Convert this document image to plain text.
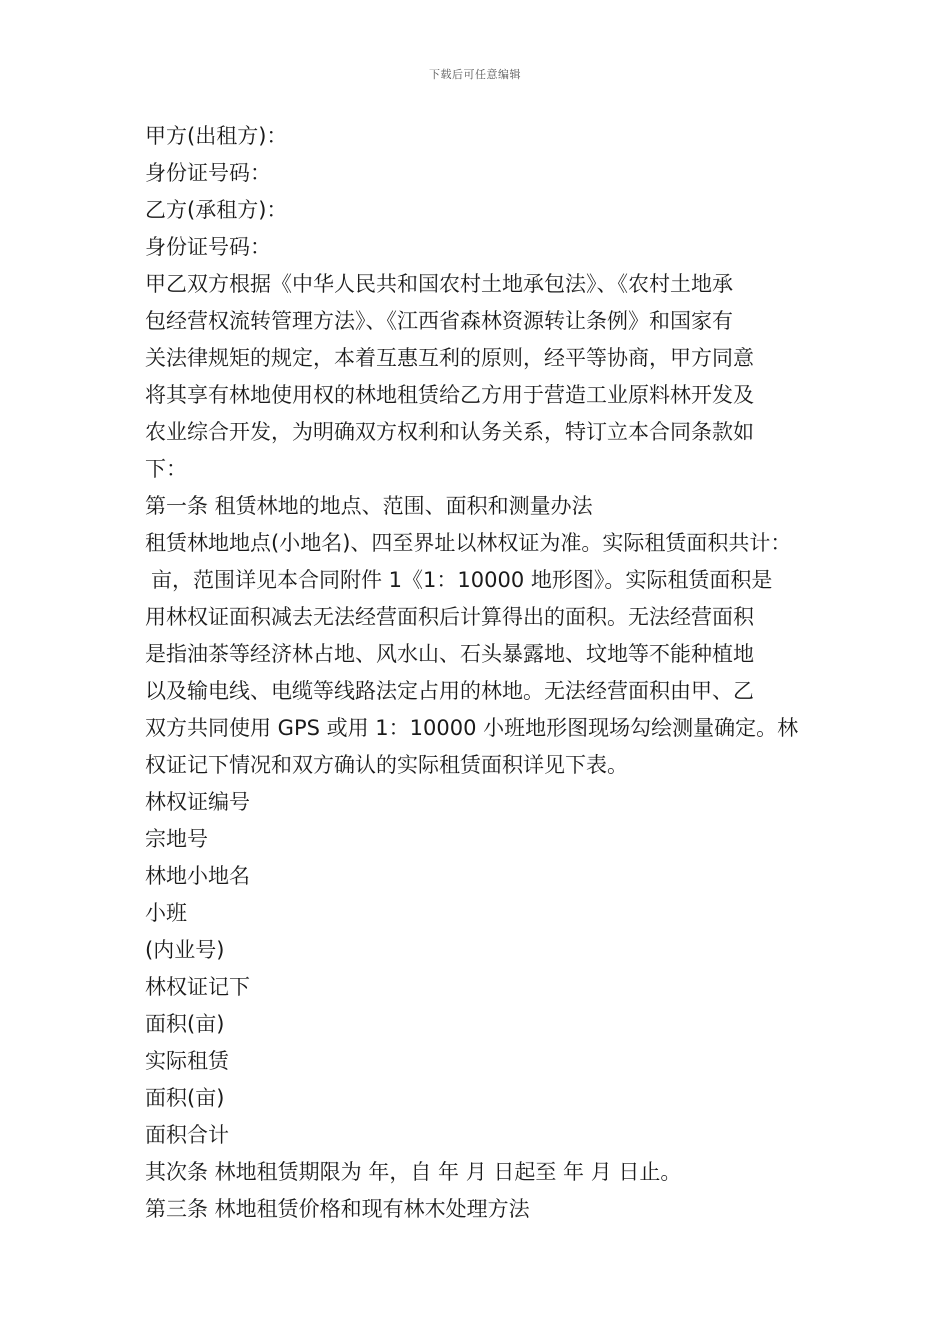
下载后可任意编辑
甲方(出租方)：
身份证号码：
乙方(承租方)：
身份证号码：
甲乙双方根据《中华人民共和国农村土地承包法》、《农村土地承
包经营权流转管理方法》、《江西省森林资源转让条例》和国家有
关法律规矩的规定，本着互惠互利的原则，经平等协商，甲方同意
将其享有林地使用权的林地租赁给乙方用于营造工业原料林开发及
农业综合开发，为明确双方权利和认务关系，特订立本合同条款如
下：
第一条 租赁林地的地点、范围、面积和测量办法
租赁林地地点(小地名)、四至界址以林权证为准。实际租赁面积共计：
亩，范围详见本合同附件 1《1：10000 地形图》。实际租赁面积是
用林权证面积减去无法经营面积后计算得出的面积。无法经营面积
是指油茶等经济林占地、风水山、石头暴露地、坟地等不能种植地
以及输电线、电缆等线路法定占用的林地。无法经营面积由甲、乙
双方共同使用 GPS 或用 1：10000 小班地形图现场勾绘测量确定。林
权证记下情况和双方确认的实际租赁面积详见下表。
林权证编号
宗地号
林地小地名
小班
(内业号)
林权证记下
面积(亩)
实际租赁
面积(亩)
面积合计
其次条 林地租赁期限为 年，自 年 月 日起至 年 月 日止。
第三条 林地租赁价格和现有林木处理方法
